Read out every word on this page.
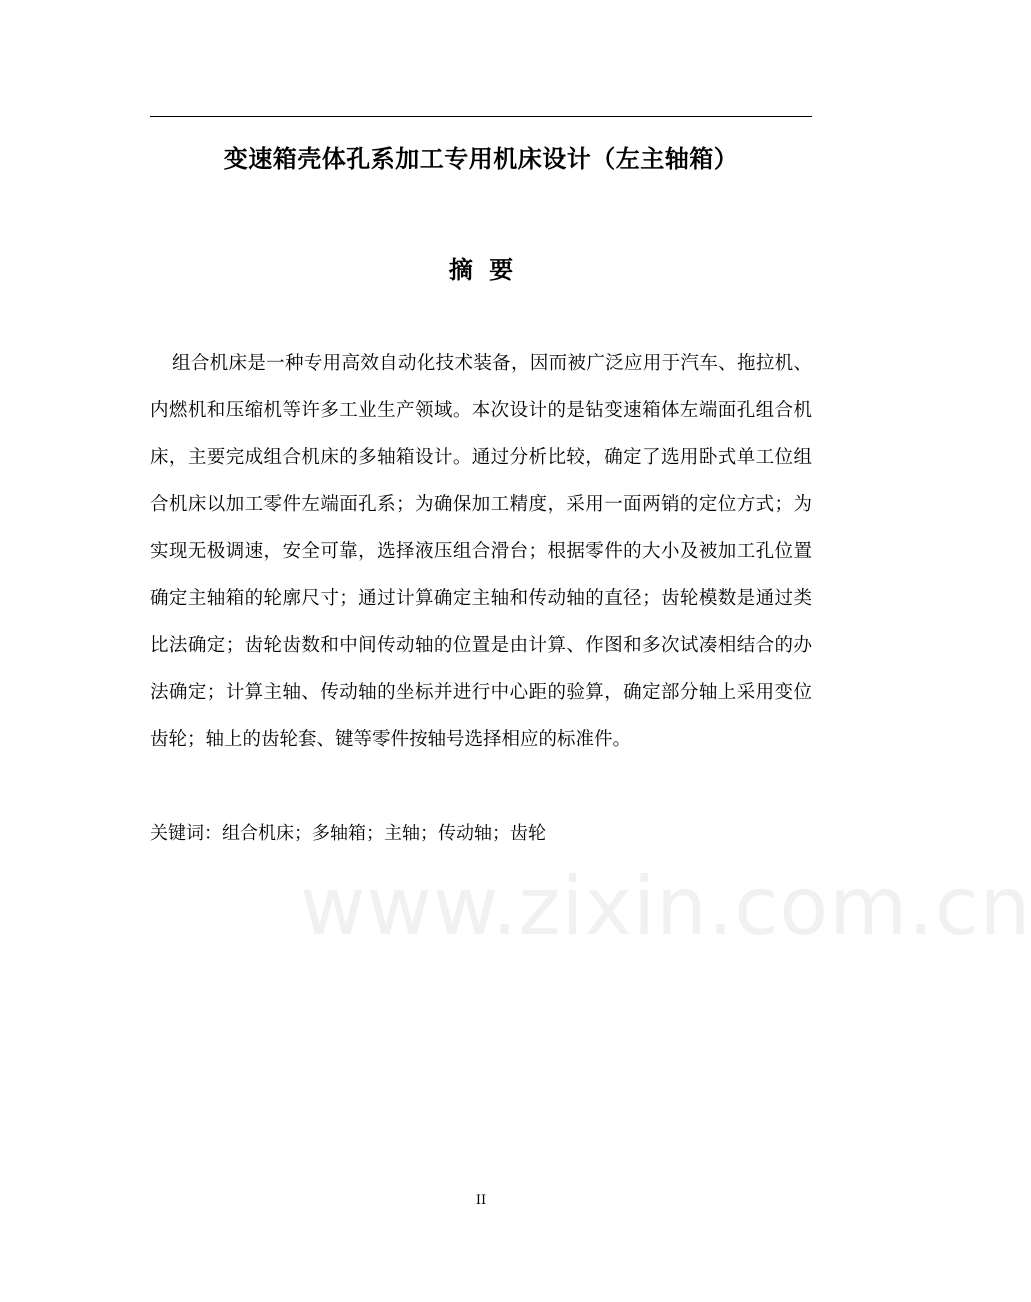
变速箱壳体孔系加工专用机床设计（左主轴箱）
摘 要
组合机床是一种专用高效自动化技术装备，因而被广泛应用于汽车、拖拉机、
内燃机和压缩机等许多工业生产领域。本次设计的是钻变速箱体左端面孔组合机
床，主要完成组合机床的多轴箱设计。通过分析比较，确定了选用卧式单工位组
合机床以加工零件左端面孔系；为确保加工精度，采用一面两销的定位方式；为
实现无极调速，安全可靠，选择液压组合滑台；根据零件的大小及被加工孔位置
确定主轴箱的轮廓尺寸；通过计算确定主轴和传动轴的直径；齿轮模数是通过类
比法确定；齿轮齿数和中间传动轴的位置是由计算、作图和多次试凑相结合的办
法确定；计算主轴、传动轴的坐标并进行中心距的验算，确定部分轴上采用变位
齿轮；轴上的齿轮套、键等零件按轴号选择相应的标准件。
关键词：组合机床；多轴箱；主轴；传动轴；齿轮
www.zixin.com.cn
II
